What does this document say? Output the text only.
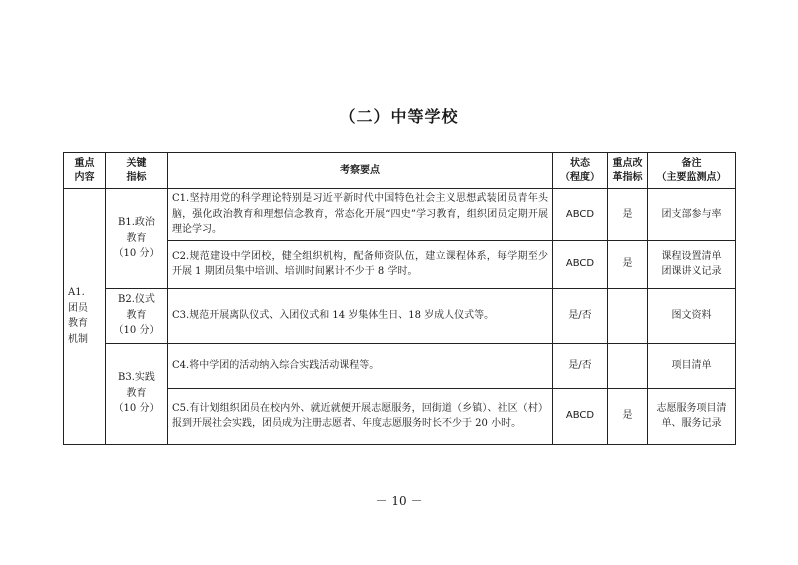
（二）中等学校
重点
内容	关键
指标	考察要点	状态
（程度）	重点改
革指标	备注
（主要监测点）

A1.
团员
教育
机制	B1.政治
教育
（10 分）	C1.坚持用党的科学理论特别是习近平新时代中国特色社会主义思想武装团员青年头脑，强化政治教育和理想信念教育，常态化开展“四史”学习教育，组织团员定期开展理论学习。	ABCD	是	团支部参与率

		C2.规范建设中学团校，健全组织机构，配备师资队伍，建立课程体系，每学期至少开展 1 期团员集中培训、培训时间累计不少于 8 学时。	ABCD	是	课程设置清单
团课讲义记录

	B2.仪式
教育
（10 分）	C3.规范开展离队仪式、入团仪式和 14 岁集体生日、18 岁成人仪式等。	是/否		图文资料

	B3.实践
教育
（10 分）	C4.将中学团的活动纳入综合实践活动课程等。	是/否		项目清单

		C5.有计划组织团员在校内外、就近就便开展志愿服务，回街道（乡镇）、社区（村）报到开展社会实践，团员成为注册志愿者、年度志愿服务时长不少于 20 小时。	ABCD	是	志愿服务项目清
单、服务记录
－ 10 －
